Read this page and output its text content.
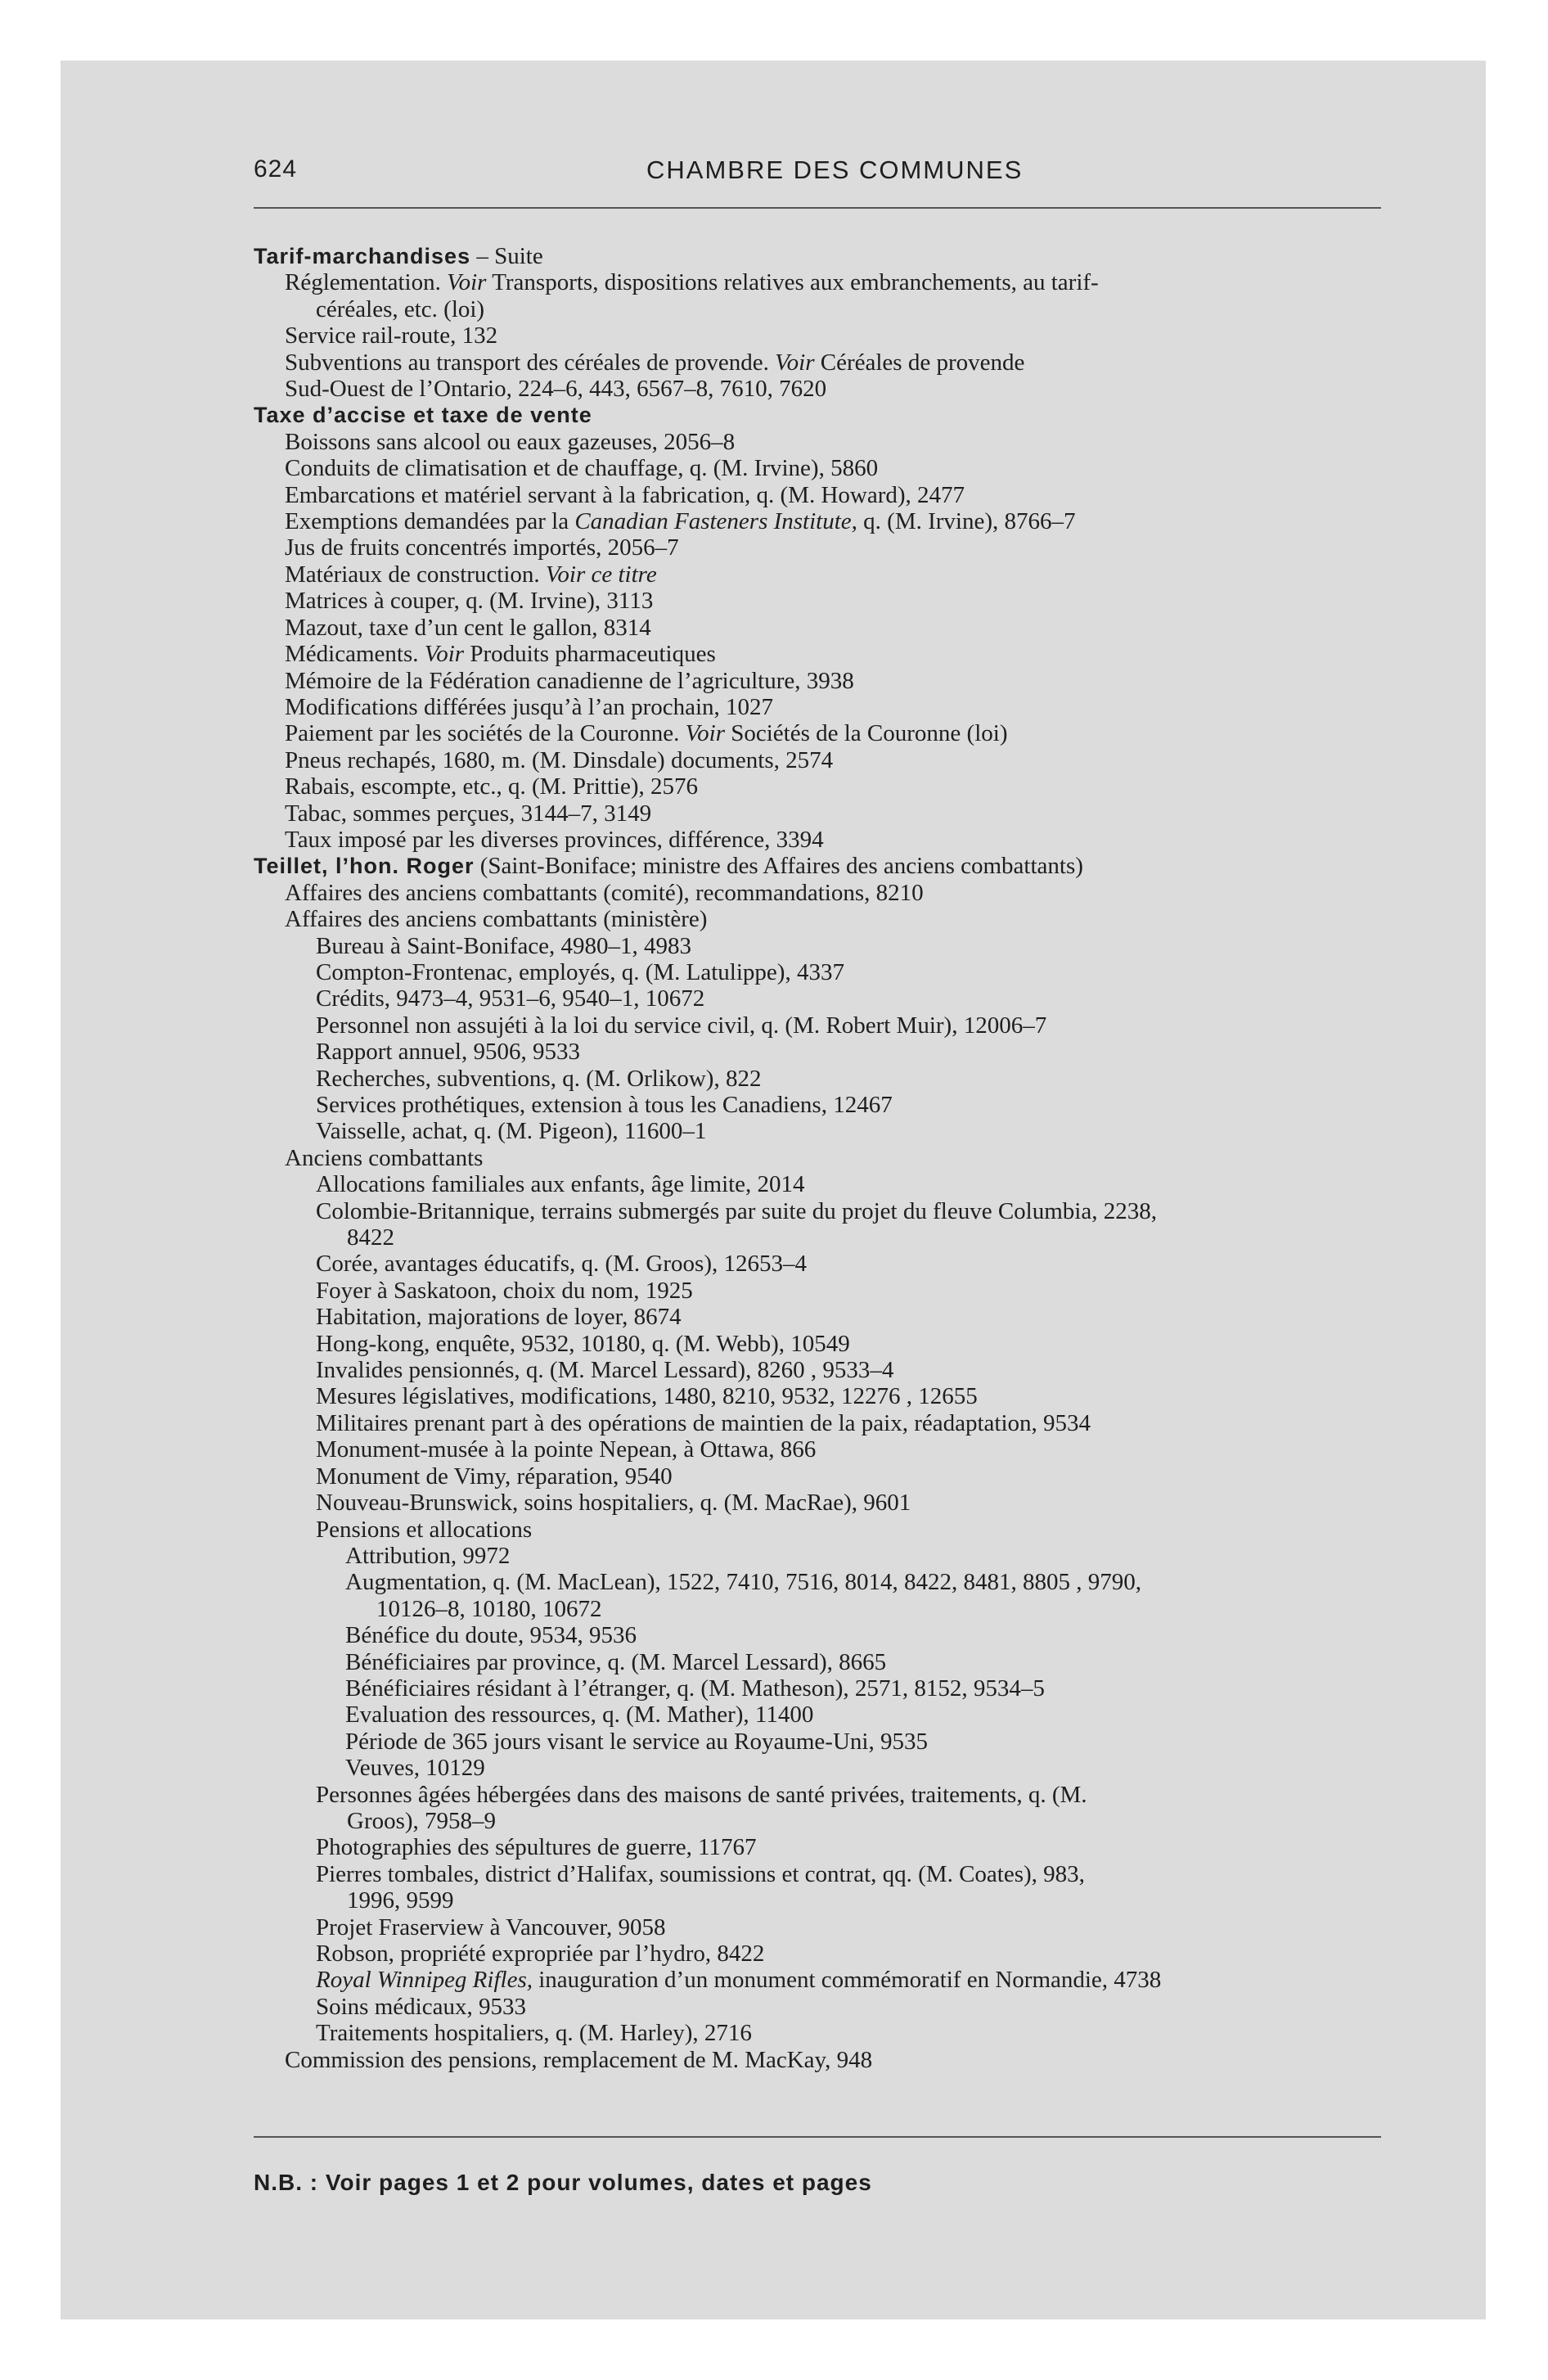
624	CHAMBRE DES COMMUNES
Tarif-marchandises – Suite
Réglementation. Voir Transports, dispositions relatives aux embranchements, au tarif-
céréales, etc. (loi)
Service rail-route, 132
Subventions au transport des céréales de provende. Voir Céréales de provende
Sud-Ouest de l’Ontario, 224–6, 443, 6567–8, 7610, 7620
Taxe d’accise et taxe de vente
Boissons sans alcool ou eaux gazeuses, 2056–8
Conduits de climatisation et de chauffage, q. (M. Irvine), 5860
Embarcations et matériel servant à la fabrication, q. (M. Howard), 2477
Exemptions demandées par la Canadian Fasteners Institute, q. (M. Irvine), 8766–7
Jus de fruits concentrés importés, 2056–7
Matériaux de construction. Voir ce titre
Matrices à couper, q. (M. Irvine), 3113
Mazout, taxe d’un cent le gallon, 8314
Médicaments. Voir Produits pharmaceutiques
Mémoire de la Fédération canadienne de l’agriculture, 3938
Modifications différées jusqu’à l’an prochain, 1027
Paiement par les sociétés de la Couronne. Voir Sociétés de la Couronne (loi)
Pneus rechapés, 1680, m. (M. Dinsdale) documents, 2574
Rabais, escompte, etc., q. (M. Prittie), 2576
Tabac, sommes perçues, 3144–7, 3149
Taux imposé par les diverses provinces, différence, 3394
Teillet, l’hon. Roger (Saint-Boniface; ministre des Affaires des anciens combattants)
Affaires des anciens combattants (comité), recommandations, 8210
Affaires des anciens combattants (ministère)
Bureau à Saint-Boniface, 4980–1, 4983
Compton-Frontenac, employés, q. (M. Latulippe), 4337
Crédits, 9473–4, 9531–6, 9540–1, 10672
Personnel non assujéti à la loi du service civil, q. (M. Robert Muir), 12006–7
Rapport annuel, 9506, 9533
Recherches, subventions, q. (M. Orlikow), 822
Services prothétiques, extension à tous les Canadiens, 12467
Vaisselle, achat, q. (M. Pigeon), 11600–1
Anciens combattants
Allocations familiales aux enfants, âge limite, 2014
Colombie-Britannique, terrains submergés par suite du projet du fleuve Columbia, 2238,
8422
Corée, avantages éducatifs, q. (M. Groos), 12653–4
Foyer à Saskatoon, choix du nom, 1925
Habitation, majorations de loyer, 8674
Hong-kong, enquête, 9532, 10180, q. (M. Webb), 10549
Invalides pensionnés, q. (M. Marcel Lessard), 8260 , 9533–4
Mesures législatives, modifications, 1480, 8210, 9532, 12276 , 12655
Militaires prenant part à des opérations de maintien de la paix, réadaptation, 9534
Monument-musée à la pointe Nepean, à Ottawa, 866
Monument de Vimy, réparation, 9540
Nouveau-Brunswick, soins hospitaliers, q. (M. MacRae), 9601
Pensions et allocations
Attribution, 9972
Augmentation, q. (M. MacLean), 1522, 7410, 7516, 8014, 8422, 8481, 8805 , 9790,
10126–8, 10180, 10672
Bénéfice du doute, 9534, 9536
Bénéficiaires par province, q. (M. Marcel Lessard), 8665
Bénéficiaires résidant à l’étranger, q. (M. Matheson), 2571, 8152, 9534–5
Evaluation des ressources, q. (M. Mather), 11400
Période de 365 jours visant le service au Royaume-Uni, 9535
Veuves, 10129
Personnes âgées hébergées dans des maisons de santé privées, traitements, q. (M.
Groos), 7958–9
Photographies des sépultures de guerre, 11767
Pierres tombales, district d’Halifax, soumissions et contrat, qq. (M. Coates), 983,
1996, 9599
Projet Fraserview à Vancouver, 9058
Robson, propriété expropriée par l’hydro, 8422
Royal Winnipeg Rifles, inauguration d’un monument commémoratif en Normandie, 4738
Soins médicaux, 9533
Traitements hospitaliers, q. (M. Harley), 2716
Commission des pensions, remplacement de M. MacKay, 948
N.B. : Voir pages 1 et 2 pour volumes, dates et pages
